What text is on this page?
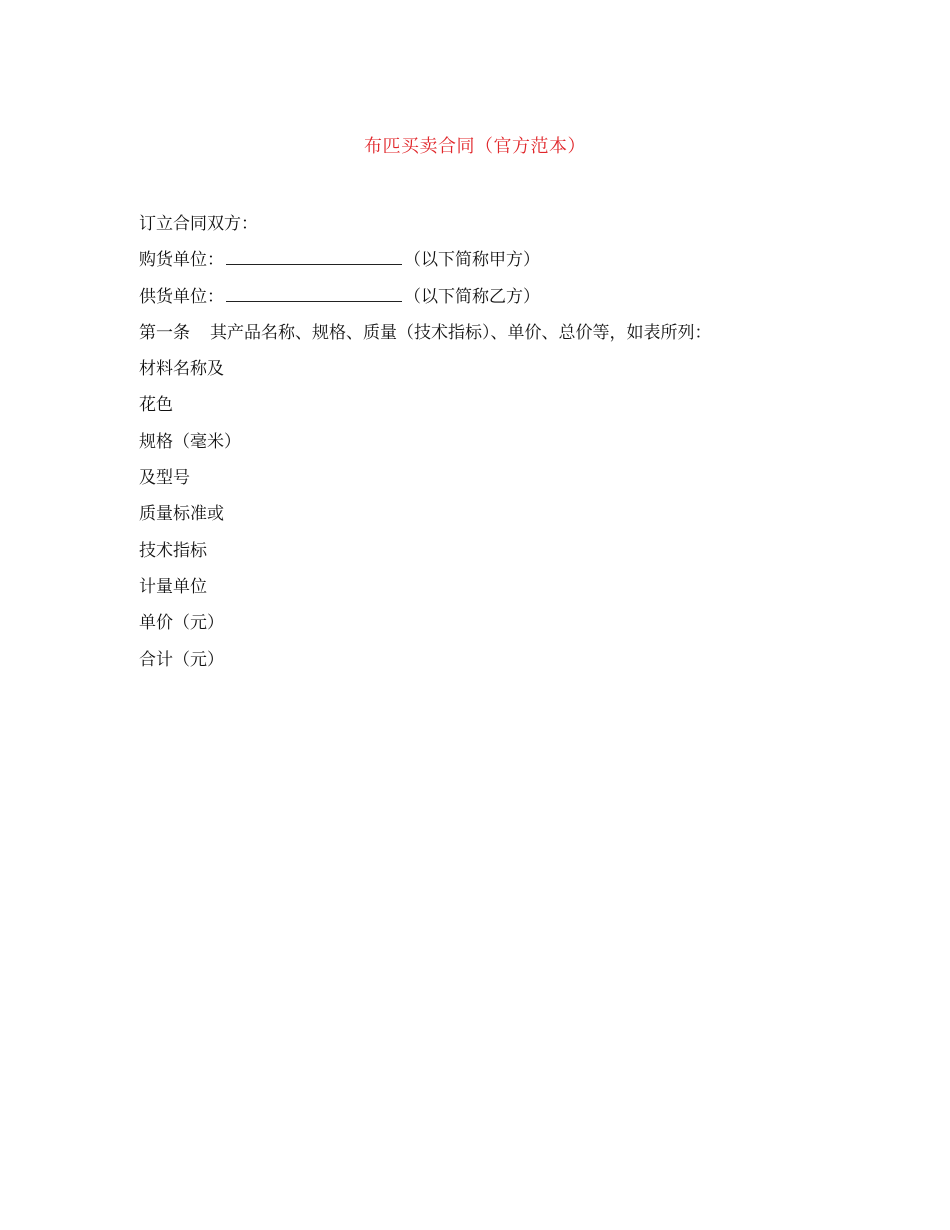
布匹买卖合同（官方范本）
订立合同双方：
购货单位：	（以下简称甲方）
供货单位：	（以下简称乙方）
第一条 其产品名称、规格、质量（技术指标）、单价、总价等，如表所列：
材料名称及
花色
规格（毫米）
及型号
质量标准或
技术指标
计量单位
单价（元）
合计（元）
